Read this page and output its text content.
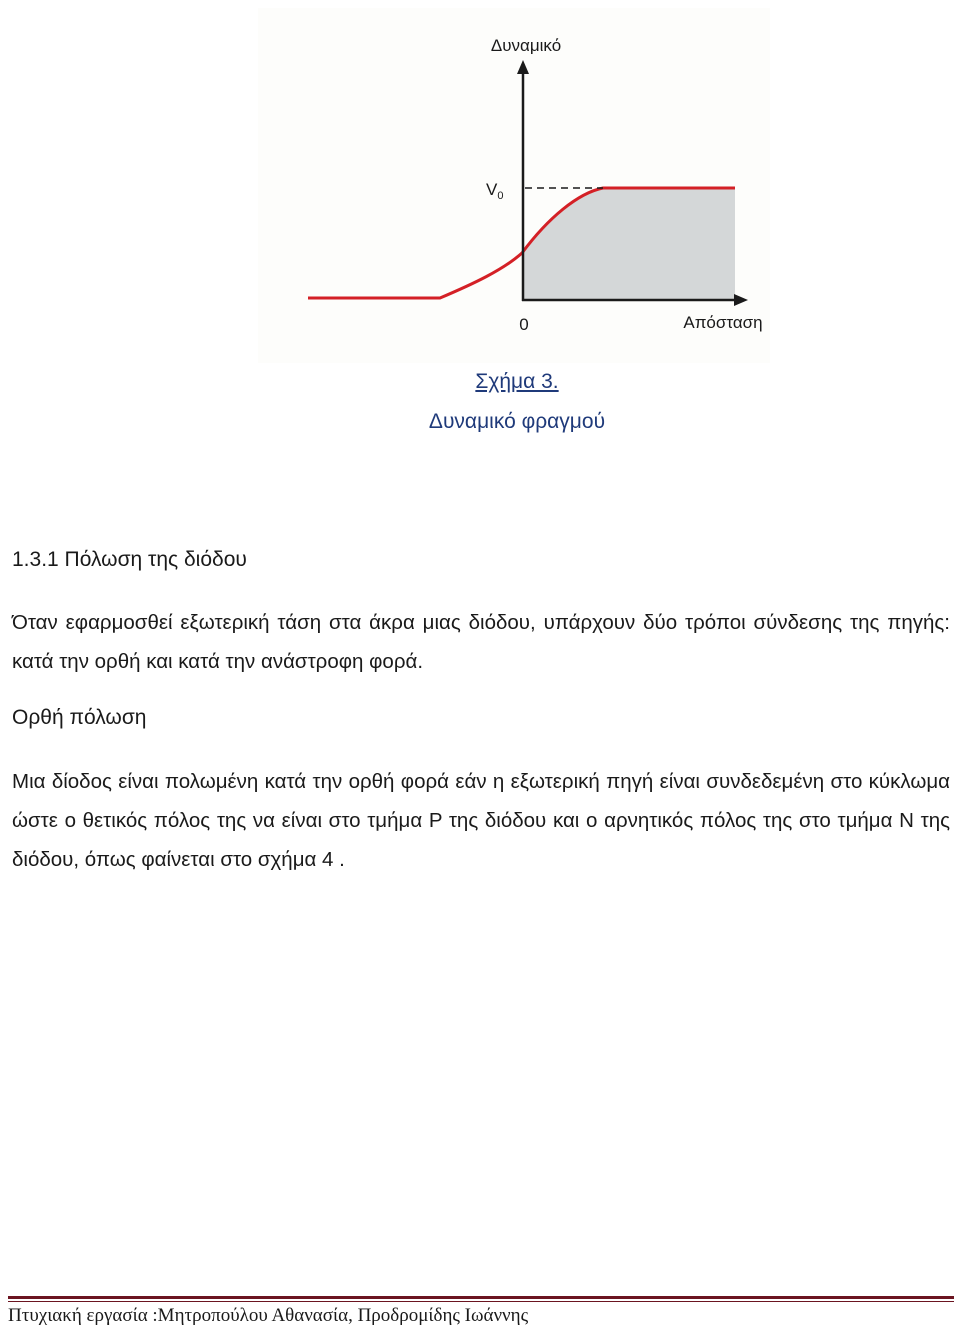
Δυναμικό
Απόσταση
0
$V_0$
Σχήμα 3.
Δυναμικό φραγμού
1.3.1 Πόλωση της διόδου
Όταν εφαρμοσθεί εξωτερική τάση στα άκρα μιας διόδου, υπάρχουν δύο τρόποι σύνδεσης της πηγής: κατά την ορθή και κατά την ανάστροφη φορά.
Ορθή πόλωση
Μια δίοδος είναι πολωμένη κατά την ορθή φορά εάν η εξωτερική πηγή είναι συνδεδεμένη στο κύκλωμα ώστε ο θετικός πόλος της να είναι στο τμήμα P της διόδου και ο αρνητικός πόλος της στο τμήμα N της διόδου, όπως φαίνεται στο σχήμα 4 .
Πτυχιακή εργασία :Μητροπούλου Αθανασία, Προδρομίδης Ιωάννης
